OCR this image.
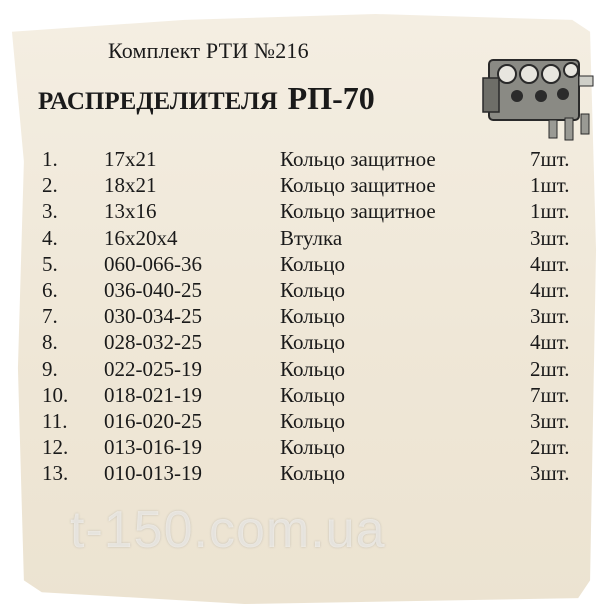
Комплект РТИ №216
РАСПРЕДЕЛИТЕЛЯ РП-70
1. 17x21	Кольцо защитное	7шт.
2. 18x21	Кольцо защитное	1шт.
3. 13x16	Кольцо защитное	1шт.
4. 16x20x4	Втулка	3шт.
5. 060-066-36	Кольцо	4шт.
6. 036-040-25	Кольцо	4шт.
7. 030-034-25	Кольцо	3шт.
8. 028-032-25	Кольцо	4шт.
9. 022-025-19	Кольцо	2шт.
10. 018-021-19	Кольцо	7шт.
11. 016-020-25	Кольцо	3шт.
12. 013-016-19	Кольцо	2шт.
13. 010-013-19	Кольцо	3шт.
t-150.com.ua
